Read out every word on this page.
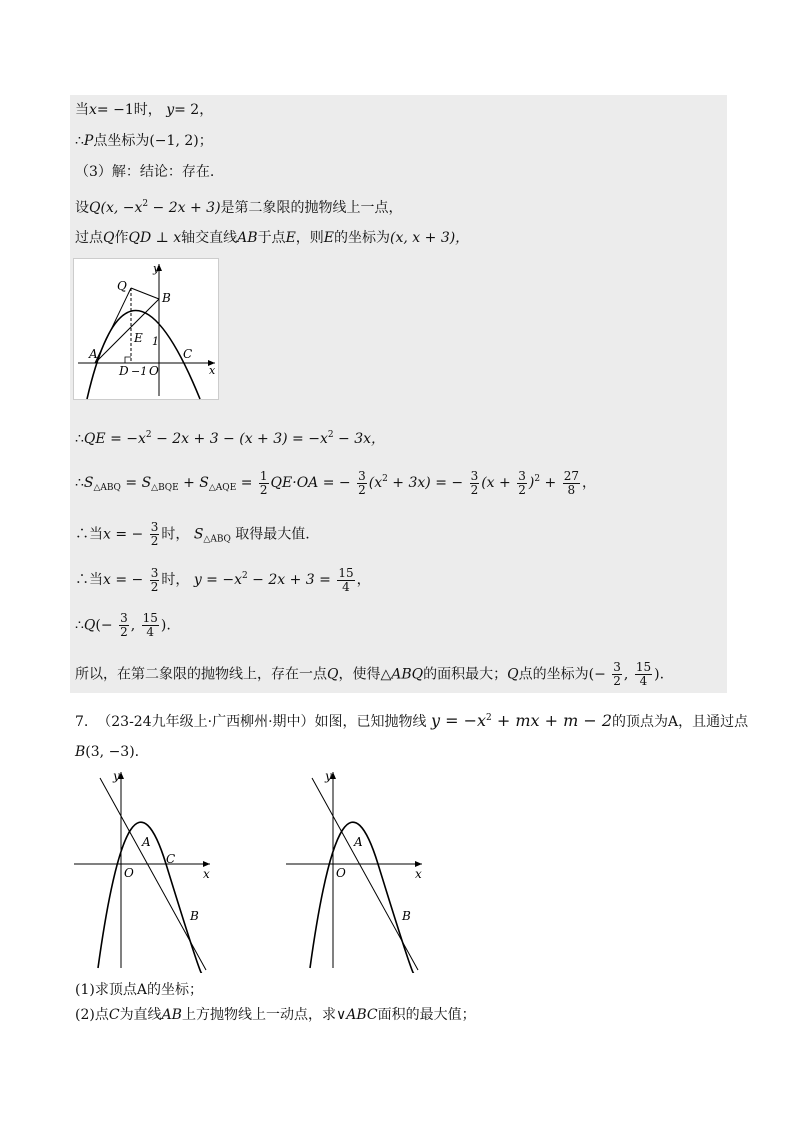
当x= −1时， y= 2，
∴P点坐标为(−1, 2)；
（3）解：结论：存在.
设Q(x, $-x^2 - 2x + 3$)是第二象限的抛物线上一点，
过点Q作QD ⊥ x轴交直线AB于点E，则E的坐标为(x, x + 3)，
y
x
Q
B
E
A	C
D −1 O
1
∴QE = $-x^2 - 2x + 3 - (x + 3) = -x^2 - 3x$，
$\therefore S_{\triangle ABQ} = S_{\triangle BQE} + S_{\triangle AQE} = \frac{1}{2} QE\cdot OA$ = − $\frac{3}{2} (x^2 + 3x)$ = − $\frac{3}{2} (x + \frac{3}{2} )^2 + \frac{27}{8}$ ，
∴当x = − $\frac{3}{2}$ 时， $S_{\triangle ABQ}$ 取得最大值.
∴当x = − $\frac{3}{2}$ 时， $y = -x^2 - 2x + 3 = \frac{15}{4}$ ，
∴Q(− $\frac{3}{2}$ , $\frac{15}{4}$ ).
所以，在第二象限的抛物线上，存在一点Q，使得△ABQ的面积最大；Q点的坐标为(− $\frac{3}{2}$ , $\frac{15}{4}$ ).
7. （23-24九年级上·广西柳州·期中）如图，已知抛物线 $y = -x^2$ + mx + m − 2的顶点为A，且通过点
B(3, −3).
y
x
A
C
O
B
y
x
A
O
B
(1)求顶点A的坐标；
(2)点C为直线AB上方抛物线上一动点，求∨ABC面积的最大值；
